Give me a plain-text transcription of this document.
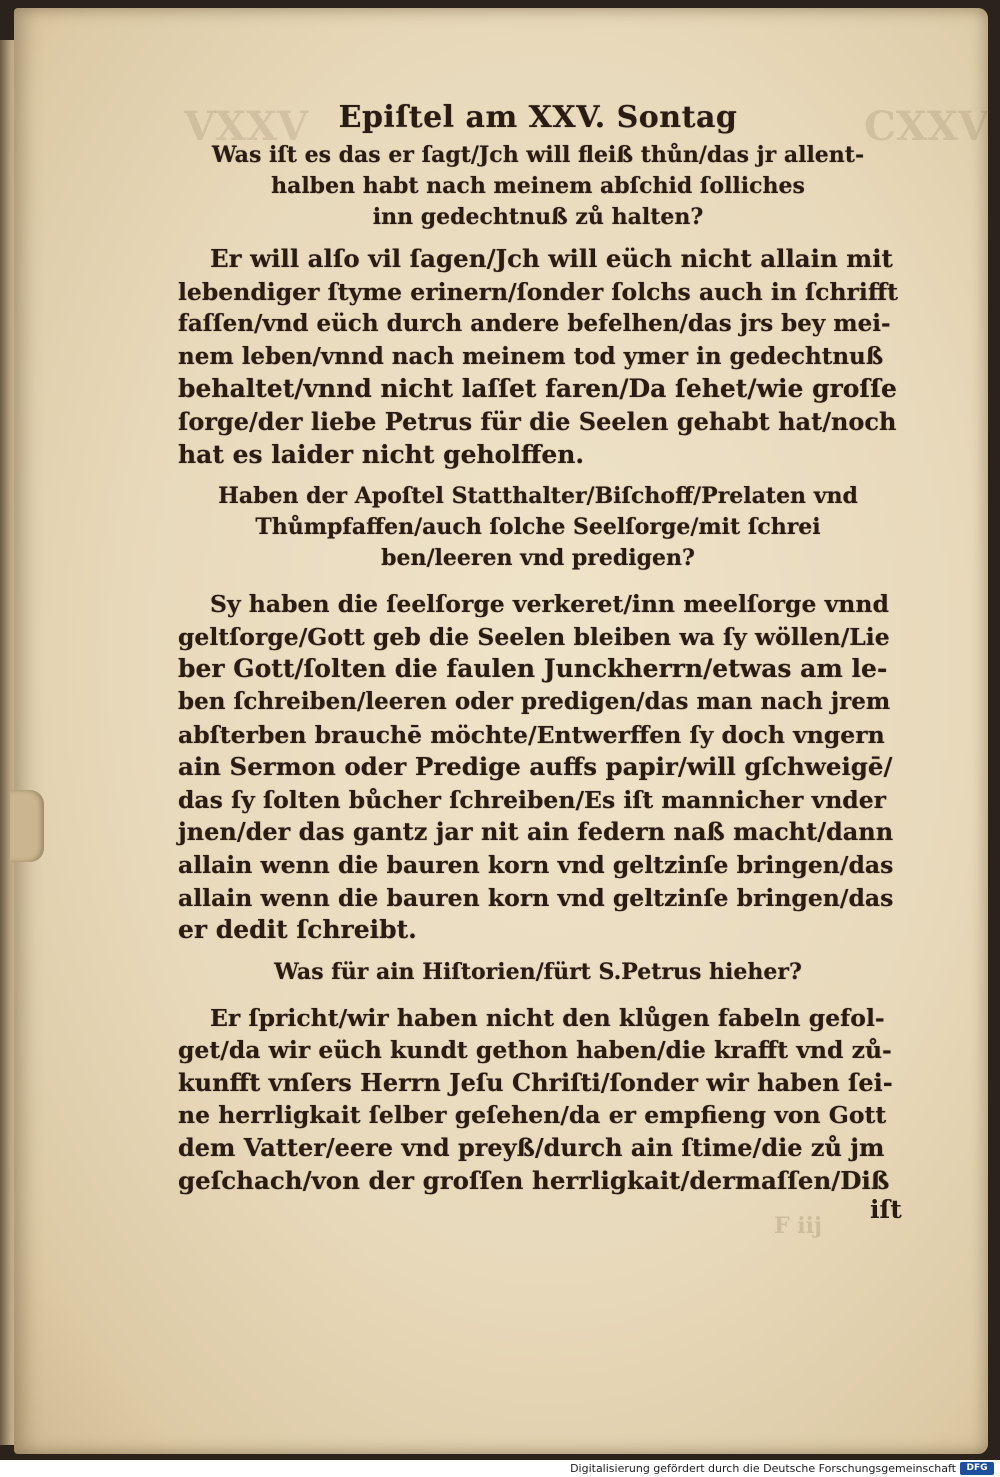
VXXV	CXXV
F iij
Epiſtel am XXV. Sontag
Was iſt es das er ſagt/Jch will fleiß thůn/das jr allent-
halben habt nach meinem abſchid ſolliches
inn gedechtnuß zů halten?
Er will alſo vil ſagen/Jch will eüch nicht allain mit
lebendiger ſtyme erinern/ſonder ſolchs auch in ſchrifft
faſſen/vnd eüch durch andere befelhen/das jrs bey mei-
nem leben/vnnd nach meinem tod ymer in gedechtnuß
behaltet/vnnd nicht laſſet faren/Da ſehet/wie groſſe
ſorge/der liebe Petrus für die Seelen gehabt hat/noch
hat es laider nicht geholffen.
Haben der Apoſtel Statthalter/Biſchoff/Prelaten vnd
Thůmpfaffen/auch ſolche Seelſorge/mit ſchrei
ben/leeren vnd predigen?
Sy haben die ſeelſorge verkeret/inn meelſorge vnnd
geltſorge/Gott geb die Seelen bleiben wa ſy wöllen/Lie
ber Gott/ſolten die faulen Junckherrn/etwas am le-
ben ſchreiben/leeren oder predigen/das man nach jrem
abſterben brauchē möchte/Entwerffen ſy doch vngern
ain Sermon oder Predige auffs papir/will gſchweigē/
das ſy ſolten bůcher ſchreiben/Es iſt mannicher vnder
jnen/der das gantz jar nit ain federn naß macht/dann
allain wenn die bauren korn vnd geltzinſe bringen/das
allain wenn die bauren korn vnd geltzinſe bringen/das
er dedit ſchreibt.
Was für ain Hiſtorien/fürt S.Petrus hieher?
Er ſpricht/wir haben nicht den klůgen fabeln gefol-
get/da wir eüch kundt gethon haben/die krafft vnd zů-
kunfft vnſers Herrn Jeſu Chriſti/ſonder wir haben ſei-
ne herrligkait ſelber geſehen/da er empfieng von Gott
dem Vatter/eere vnd preyß/durch ain ſtime/die zů jm
geſchach/von der groſſen herrligkait/dermaſſen/Diß
iſt
Digitalisierung gefördert durch die Deutsche Forschungsgemeinschaft	DFG
